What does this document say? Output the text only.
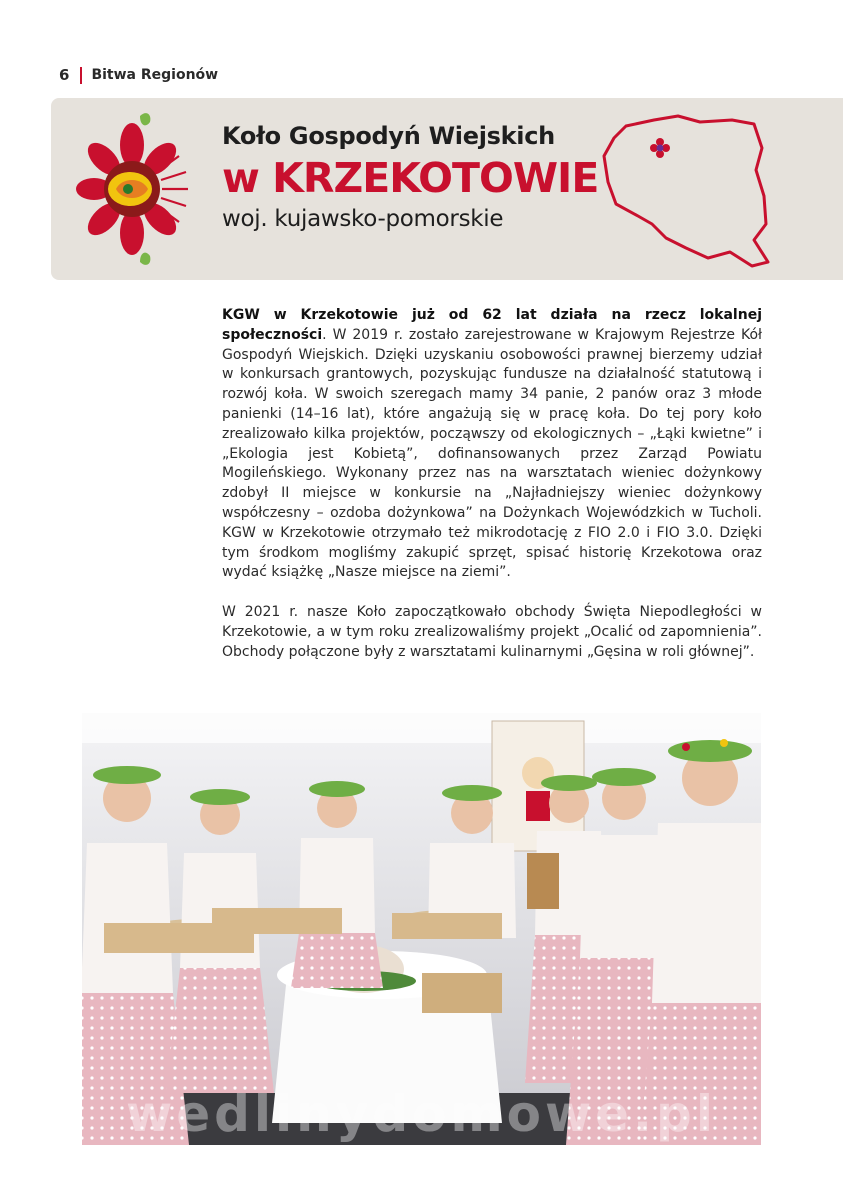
6 Bitwa Regionów
Koło Gospodyń Wiejskich
w KRZEKOTOWIE
woj. kujawsko-pomorskie

KGW w Krzekotowie już od 62 lat działa na rzecz lokalnej społeczności. W 2019 r. zostało zarejestrowane w Krajowym Rejestrze Kół Gospodyń Wiejskich. Dzięki uzyskaniu osobowości prawnej bierzemy udział w konkursach grantowych, pozyskując fundusze na działalność statutową i rozwój koła. W swoich szeregach mamy 34 panie, 2 panów oraz 3 młode panienki (14–16 lat), które angażują się w pracę koła. Do tej pory koło zrealizowało kilka projektów, począwszy od ekologicznych – „Łąki kwietne” i „Ekologia jest Kobietą”, dofinansowanych przez Zarząd Powiatu Mogileńskiego. Wykonany przez nas na warsztatach wieniec dożynkowy zdobył II miejsce w konkursie na „Najładniejszy wieniec dożynkowy współczesny – ozdoba dożynkowa” na Dożynkach Wojewódzkich w Tucholi. KGW w Krzekotowie otrzymało też mikrodotację z FIO 2.0 i FIO 3.0. Dzięki tym środkom mogliśmy zakupić sprzęt, spisać historię Krzekotowa oraz wydać książkę „Nasze miejsce na ziemi”.

W 2021 r. nasze Koło zapoczątkowało obchody Święta Niepodległości w Krzekotowie, a w tym roku zrealizowaliśmy projekt „Ocalić od zapomnienia”. Obchody połączone były z warsztatami kulinarnymi „Gęsina w roli głównej”.

wedlinydomowe.pl
